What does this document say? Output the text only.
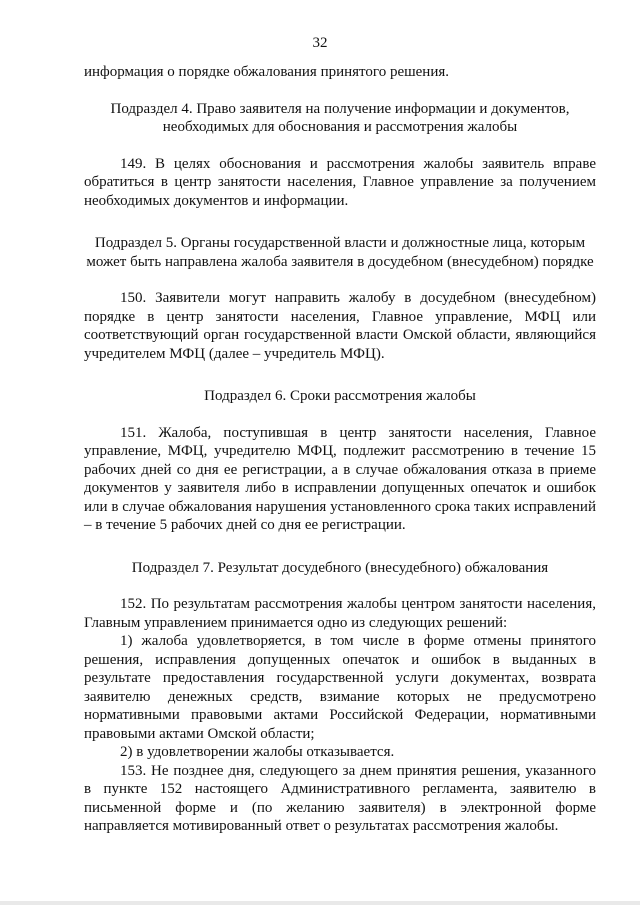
32

информация о порядке обжалования принятого решения.

Подраздел 4. Право заявителя на получение информации и документов, необходимых для обоснования и рассмотрения жалобы

149. В целях обоснования и рассмотрения жалобы заявитель вправе обратиться в центр занятости населения, Главное управление за получением необходимых документов и информации.

Подраздел 5. Органы государственной власти и должностные лица, которым может быть направлена жалоба заявителя в досудебном (внесудебном) порядке

150. Заявители могут направить жалобу в досудебном (внесудебном) порядке в центр занятости населения, Главное управление, МФЦ или соответствующий орган государственной власти Омской области, являющийся учредителем МФЦ (далее – учредитель МФЦ).

Подраздел 6. Сроки рассмотрения жалобы

151. Жалоба, поступившая в центр занятости населения, Главное управление, МФЦ, учредителю МФЦ, подлежит рассмотрению в течение 15 рабочих дней со дня ее регистрации, а в случае обжалования отказа в приеме документов у заявителя либо в исправлении допущенных опечаток и ошибок или в случае обжалования нарушения установленного срока таких исправлений – в течение 5 рабочих дней со дня ее регистрации.

Подраздел 7. Результат досудебного (внесудебного) обжалования

152. По результатам рассмотрения жалобы центром занятости населения, Главным управлением принимается одно из следующих решений:

1) жалоба удовлетворяется, в том числе в форме отмены принятого решения, исправления допущенных опечаток и ошибок в выданных в результате предоставления государственной услуги документах, возврата заявителю денежных средств, взимание которых не предусмотрено нормативными правовыми актами Российской Федерации, нормативными правовыми актами Омской области;

2) в удовлетворении жалобы отказывается.

153. Не позднее дня, следующего за днем принятия решения, указанного в пункте 152 настоящего Административного регламента, заявителю в письменной форме и (по желанию заявителя) в электронной форме направляется мотивированный ответ о результатах рассмотрения жалобы.
